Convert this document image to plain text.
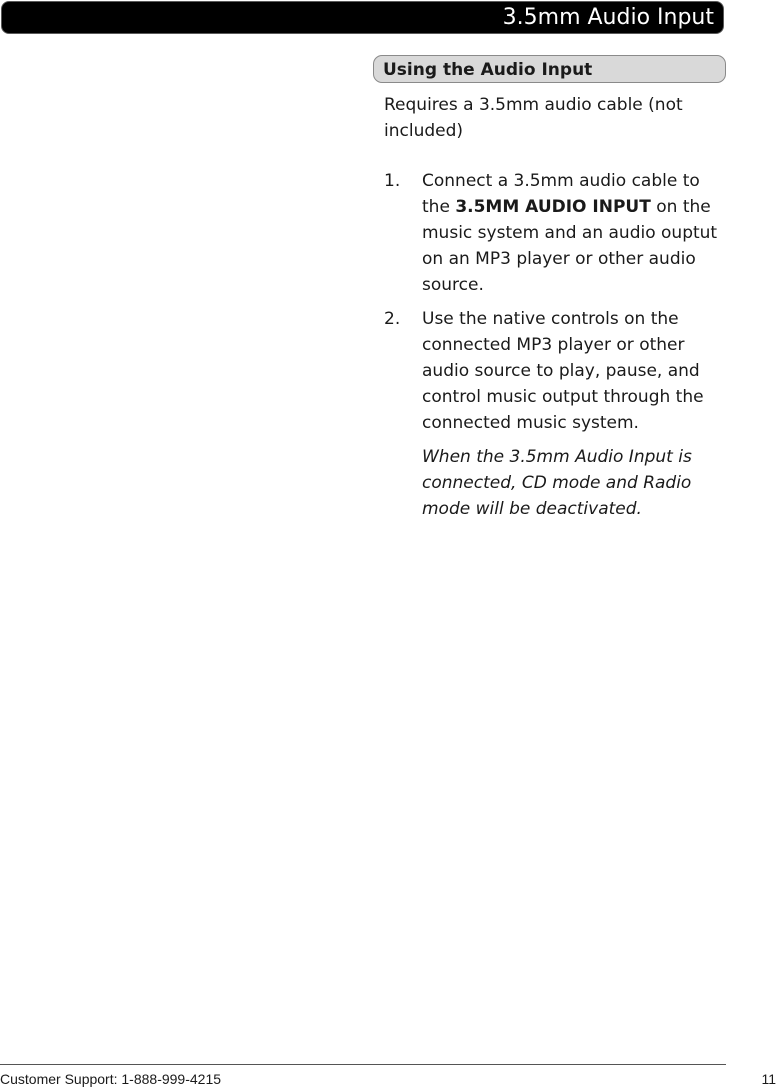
3.5mm Audio Input
Using the Audio Input

Requires a 3.5mm audio cable (not included)

1. Connect a 3.5mm audio cable to the 3.5MM AUDIO INPUT on the music system and an audio ouptut on an MP3 player or other audio source.
2. Use the native controls on the connected MP3 player or other audio source to play, pause, and control music output through the connected music system.
When the 3.5mm Audio Input is connected, CD mode and Radio mode will be deactivated.
Customer Support: 1-888-999-4215	11
